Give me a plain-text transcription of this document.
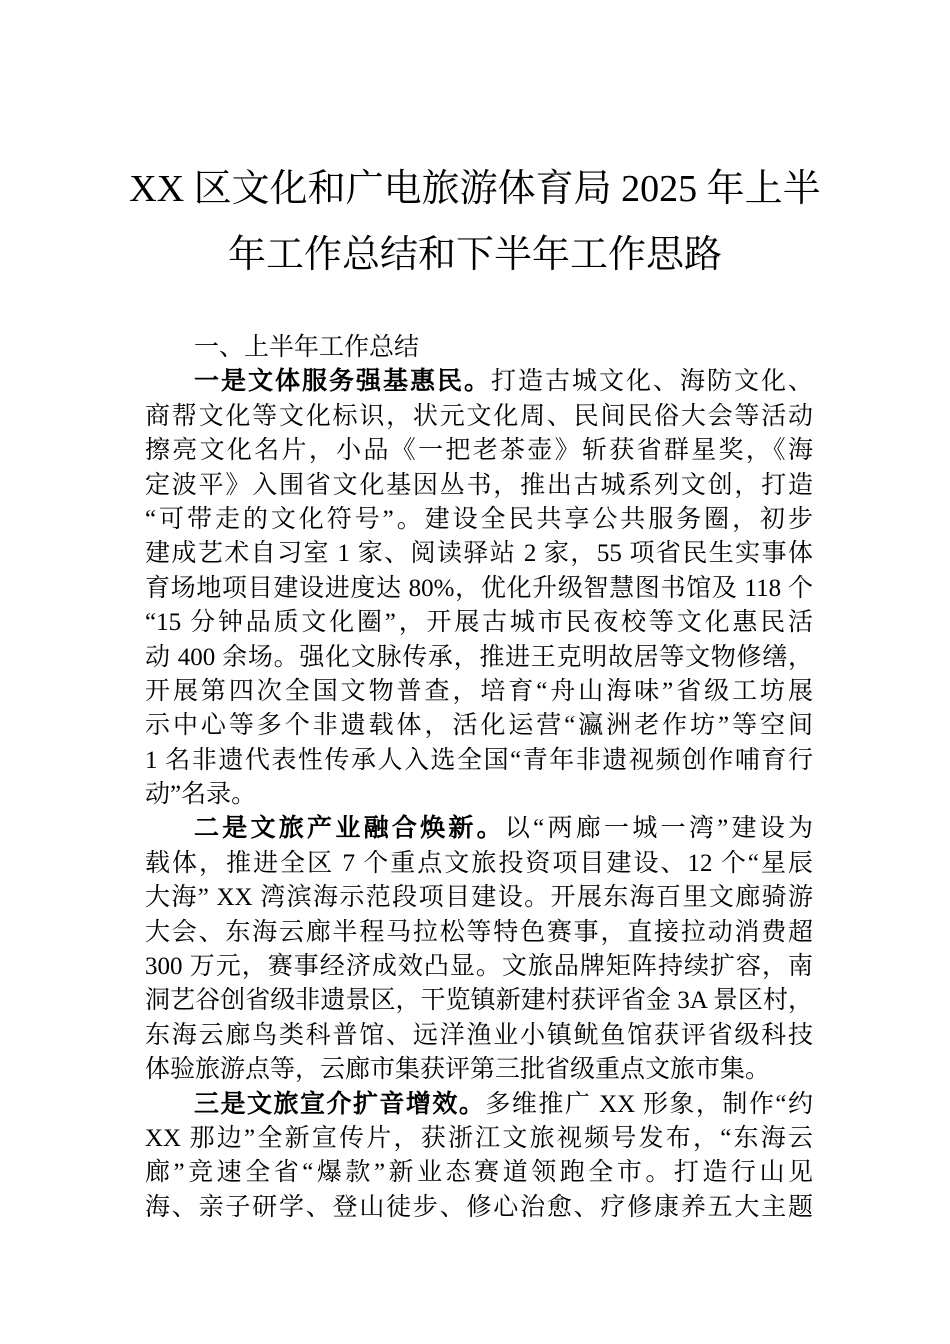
XX 区文化和广电旅游体育局 2025 年上半
年工作总结和下半年工作思路
一、上半年工作总结
一是文体服务强基惠民。打造古城文化、海防文化、
商帮文化等文化标识，状元文化周、民间民俗大会等活动
擦亮文化名片，小品《一把老茶壶》斩获省群星奖，《海
定波平》入围省文化基因丛书，推出古城系列文创，打造
“可带走的文化符号”。建设全民共享公共服务圈，初步
建成艺术自习室 1 家、阅读驿站 2 家，55 项省民生实事体
育场地项目建设进度达 80%，优化升级智慧图书馆及 118 个
“15 分钟品质文化圈”，开展古城市民夜校等文化惠民活
动 400 余场。强化文脉传承，推进王克明故居等文物修缮，
开展第四次全国文物普查，培育“舟山海味”省级工坊展
示中心等多个非遗载体，活化运营“瀛洲老作坊”等空间
1 名非遗代表性传承人入选全国“青年非遗视频创作哺育行
动”名录。
二是文旅产业融合焕新。以“两廊一城一湾”建设为
载体，推进全区 7 个重点文旅投资项目建设、12 个“星辰
大海” XX 湾滨海示范段项目建设。开展东海百里文廊骑游
大会、东海云廊半程马拉松等特色赛事，直接拉动消费超
300 万元，赛事经济成效凸显。文旅品牌矩阵持续扩容，南
洞艺谷创省级非遗景区，干览镇新建村获评省金 3A 景区村，
东海云廊鸟类科普馆、远洋渔业小镇鱿鱼馆获评省级科技
体验旅游点等，云廊市集获评第三批省级重点文旅市集。
三是文旅宣介扩音增效。多维推广 XX 形象，制作“约
XX 那边”全新宣传片，获浙江文旅视频号发布，“东海云
廊”竞速全省“爆款”新业态赛道领跑全市。打造行山见
海、亲子研学、登山徒步、修心治愈、疗修康养五大主题
